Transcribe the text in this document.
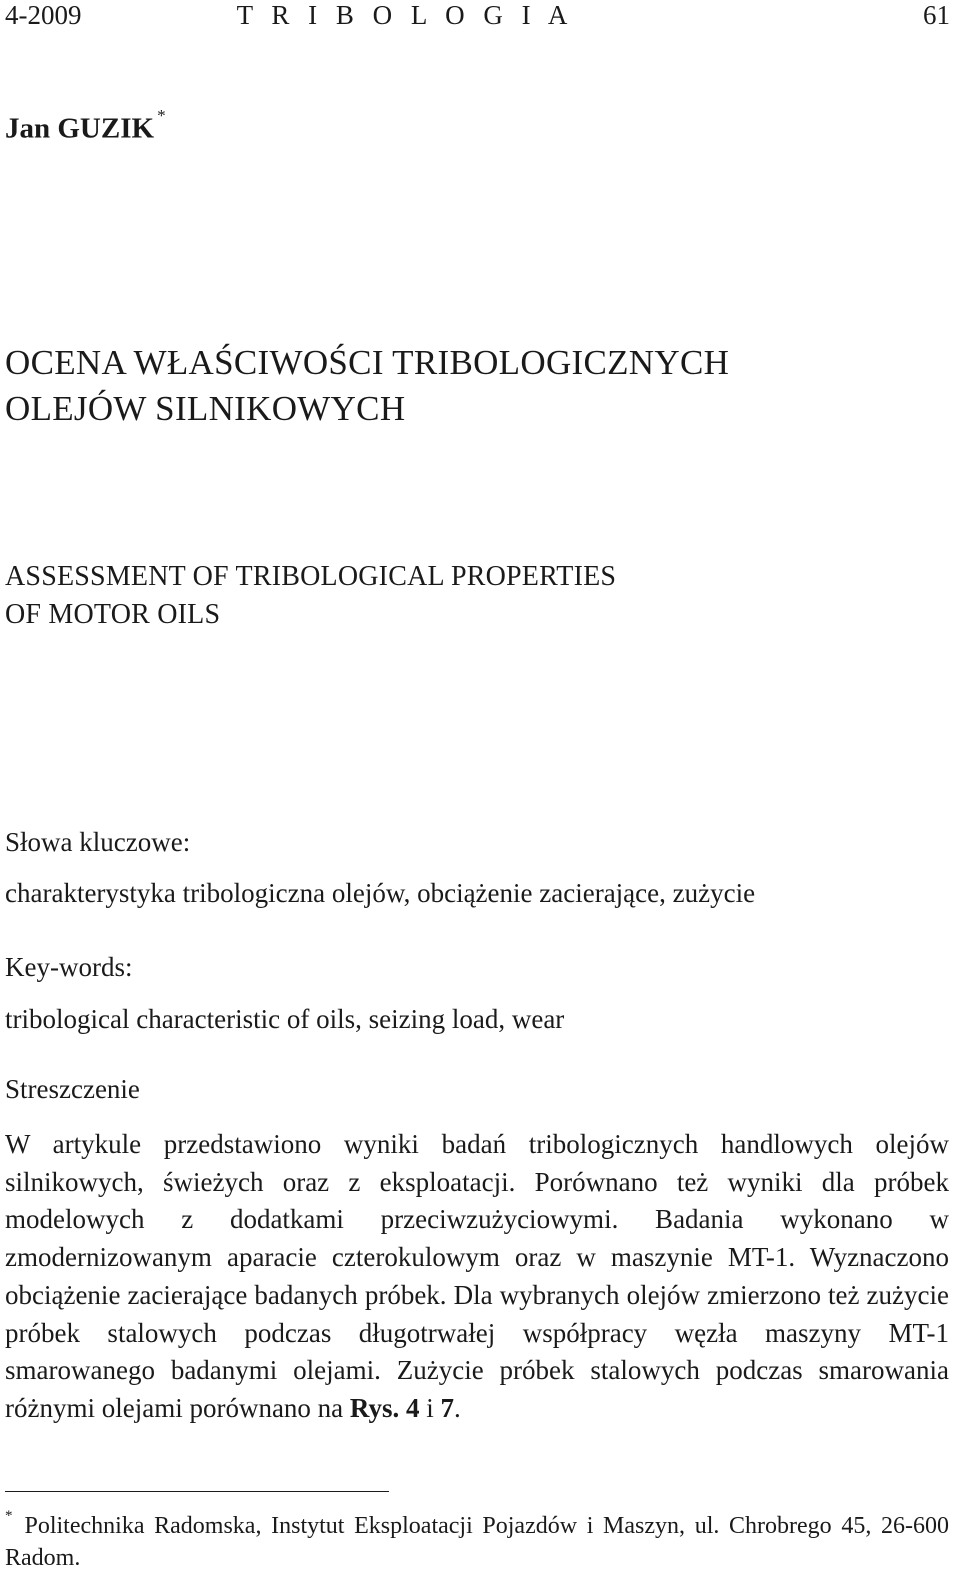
4-2009	T R I B O L O G I A	61
Jan GUZIK *
OCENA WŁAŚCIWOŚCI TRIBOLOGICZNYCH
OLEJÓW SILNIKOWYCH
ASSESSMENT OF TRIBOLOGICAL PROPERTIES
OF MOTOR OILS
Słowa kluczowe:
charakterystyka tribologiczna olejów, obciążenie zacierające, zużycie
Key-words:
tribological characteristic of oils, seizing load, wear
Streszczenie
W artykule przedstawiono wyniki badań tribologicznych handlowych olejów silnikowych, świeżych oraz z eksploatacji. Porównano też wyniki dla próbek modelowych z dodatkami przeciwzużyciowymi. Badania wykonano w zmodernizowanym aparacie czterokulowym oraz w maszynie MT-1. Wyznaczono obciążenie zacierające badanych próbek. Dla wybranych olejów zmierzono też zużycie próbek stalowych podczas długotrwałej współpracy węzła maszyny MT-1 smarowanego badanymi olejami. Zużycie próbek stalowych podczas smarowania różnymi olejami porównano na Rys. 4 i 7.
* Politechnika Radomska, Instytut Eksploatacji Pojazdów i Maszyn, ul. Chrobrego 45, 26-600 Radom.
